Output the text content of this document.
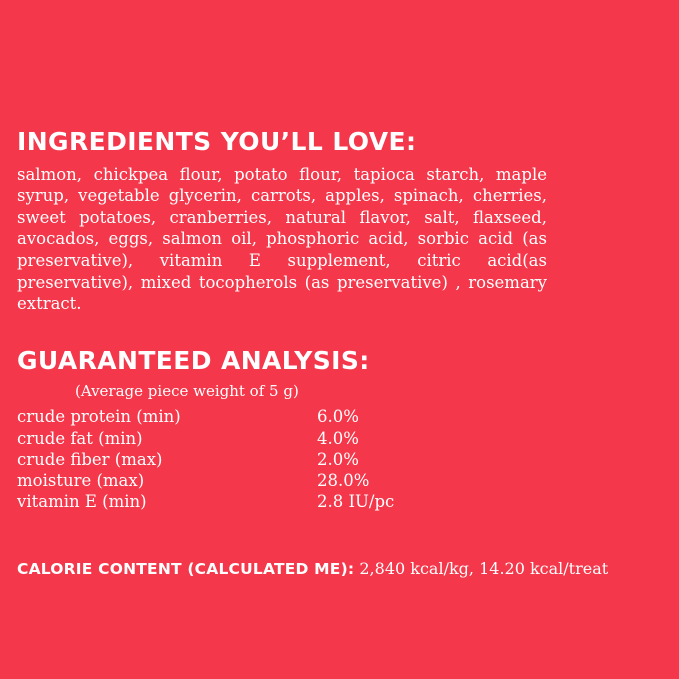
INGREDIENTS YOU’LL LOVE:

salmon, chickpea flour, potato flour, tapioca starch, maple syrup, vegetable glycerin, carrots, apples, spinach, cherries, sweet potatoes, cranberries, natural flavor, salt, flaxseed, avocados, eggs, salmon oil, phosphoric acid, sorbic acid (as preservative), vitamin E supplement, citric acid(as preservative), mixed tocopherols (as preservative) , rosemary extract.

GUARANTEED ANALYSIS:
(Average piece weight of 5 g)
crude protein (min)	6.0%
crude fat (min)	4.0%
crude fiber (max)	2.0%
moisture (max)	28.0%
vitamin E (min)	2.8 IU/pc
CALORIE CONTENT (CALCULATED ME): 2,840 kcal/kg, 14.20 kcal/treat
